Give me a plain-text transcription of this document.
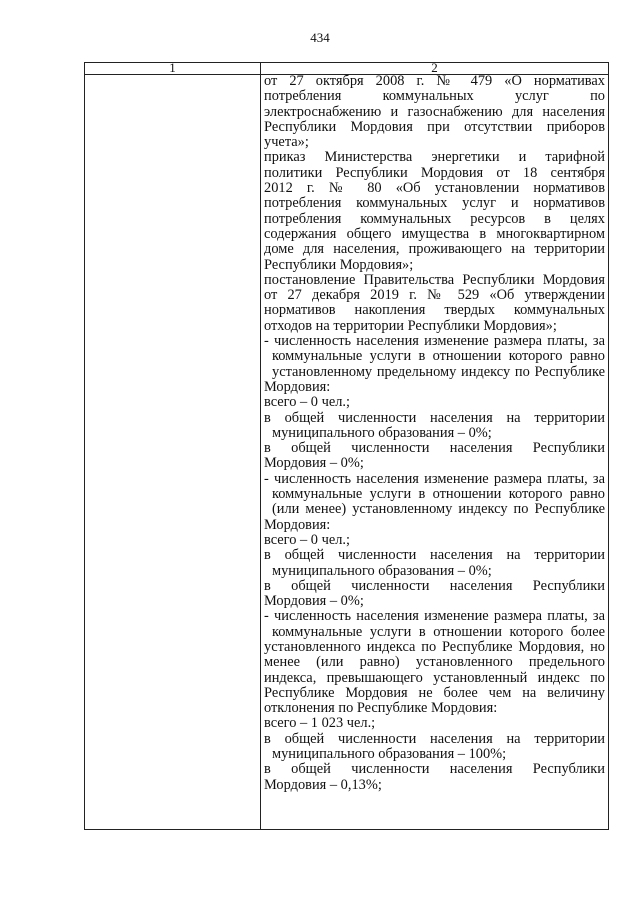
434
1	2
от 27 октября 2008 г. № 479 «О нормативах
потребления коммунальных услуг по
электроснабжению и газоснабжению для населения
Республики Мордовия при отсутствии приборов
учета»;
приказ Министерства энергетики и тарифной
политики Республики Мордовия от 18 сентября
2012 г. № 80 «Об установлении нормативов
потребления коммунальных услуг и нормативов
потребления коммунальных ресурсов в целях
содержания общего имущества в многоквартирном
доме для населения, проживающего на территории
Республики Мордовия»;
постановление Правительства Республики Мордовия
от 27 декабря 2019 г. № 529 «Об утверждении
нормативов накопления твердых коммунальных
отходов на территории Республики Мордовия»;
- численность населения изменение размера платы, за
коммунальные услуги в отношении которого равно
установленному предельному индексу по Республике
Мордовия:
всего – 0 чел.;
в общей численности населения на территории
муниципального образования – 0%;
в общей численности населения Республики
Мордовия – 0%;
- численность населения изменение размера платы, за
коммунальные услуги в отношении которого равно
(или менее) установленному индексу по Республике
Мордовия:
всего – 0 чел.;
в общей численности населения на территории
муниципального образования – 0%;
в общей численности населения Республики
Мордовия – 0%;
- численность населения изменение размера платы, за
коммунальные услуги в отношении которого более
установленного индекса по Республике Мордовия, но
менее (или равно) установленного предельного
индекса, превышающего установленный индекс по
Республике Мордовия не более чем на величину
отклонения по Республике Мордовия:
всего – 1 023 чел.;
в общей численности населения на территории
муниципального образования – 100%;
в общей численности населения Республики
Мордовия – 0,13%;
